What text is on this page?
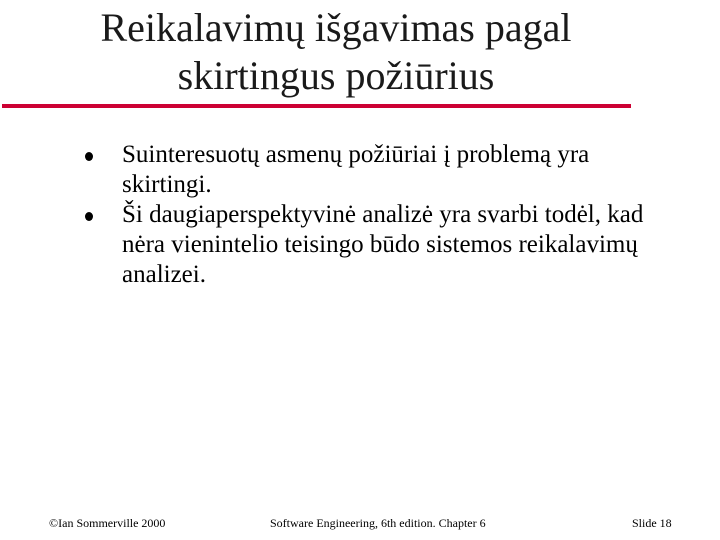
Reikalavimų išgavimas pagal
skirtingus požiūrius
Suinteresuotų asmenų požiūriai į problemą yra skirtingi.
Ši daugiaperspektyvinė analizė yra svarbi todėl, kad nėra vienintelio teisingo būdo sistemos reikalavimų analizei.
©Ian Sommerville 2000	Software Engineering, 6th edition. Chapter 6	Slide 18
